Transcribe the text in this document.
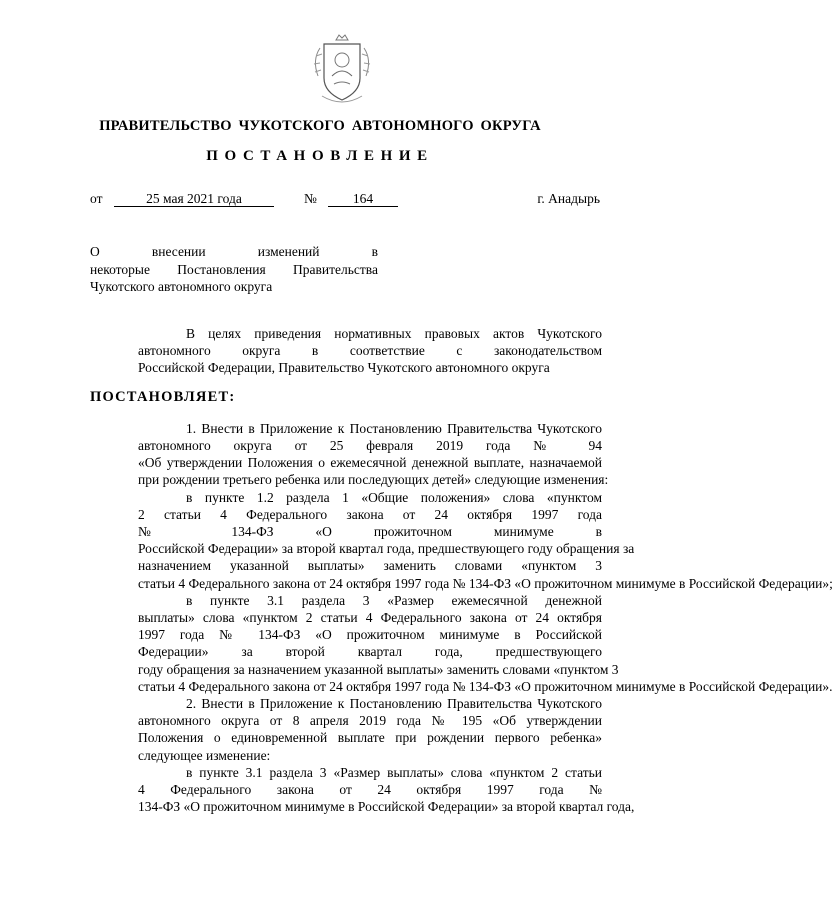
ПРАВИТЕЛЬСТВО ЧУКОТСКОГО АВТОНОМНОГО ОКРУГА
ПОСТАНОВЛЕНИЕ
от	25 мая 2021 года	№	164	г. Анадырь
О внесении изменений в
некоторые Постановления Правительства
Чукотского автономного округа

В целях приведения нормативных правовых актов Чукотского
автономного округа в соответствие с законодательством
Российской Федерации, Правительство Чукотского автономного округа

ПОСТАНОВЛЯЕТ:

1. Внести в Приложение к Постановлению Правительства Чукотского
автономного округа от 25 февраля 2019 года № 94
«Об утверждении Положения о ежемесячной денежной выплате, назначаемой
при рождении третьего ребенка или последующих детей» следующие изменения:

в пункте 1.2 раздела 1 «Общие положения» слова «пунктом
2 статьи 4 Федерального закона от 24 октября 1997 года
№ 134-ФЗ «О прожиточном минимуме в
Российской Федерации» за второй квартал года, предшествующего году обращения за
назначением указанной выплаты» заменить словами «пунктом 3
статьи 4 Федерального закона от 24 октября 1997 года № 134-ФЗ «О прожиточном минимуме в Российской Федерации»;

в пункте 3.1 раздела 3 «Размер ежемесячной денежной
выплаты» слова «пунктом 2 статьи 4 Федерального закона от 24 октября
1997 года № 134-ФЗ «О прожиточном минимуме в Российской
Федерации» за второй квартал года, предшествующего
году обращения за назначением указанной выплаты» заменить словами «пунктом 3
статьи 4 Федерального закона от 24 октября 1997 года № 134-ФЗ «О прожиточном минимуме в Российской Федерации».

2. Внести в Приложение к Постановлению Правительства Чукотского
автономного округа от 8 апреля 2019 года № 195 «Об утверждении
Положения о единовременной выплате при рождении первого ребенка»
следующее изменение:

в пункте 3.1 раздела 3 «Размер выплаты» слова «пунктом 2 статьи
4 Федерального закона от 24 октября 1997 года №
134-ФЗ «О прожиточном минимуме в Российской Федерации» за второй квартал года,
